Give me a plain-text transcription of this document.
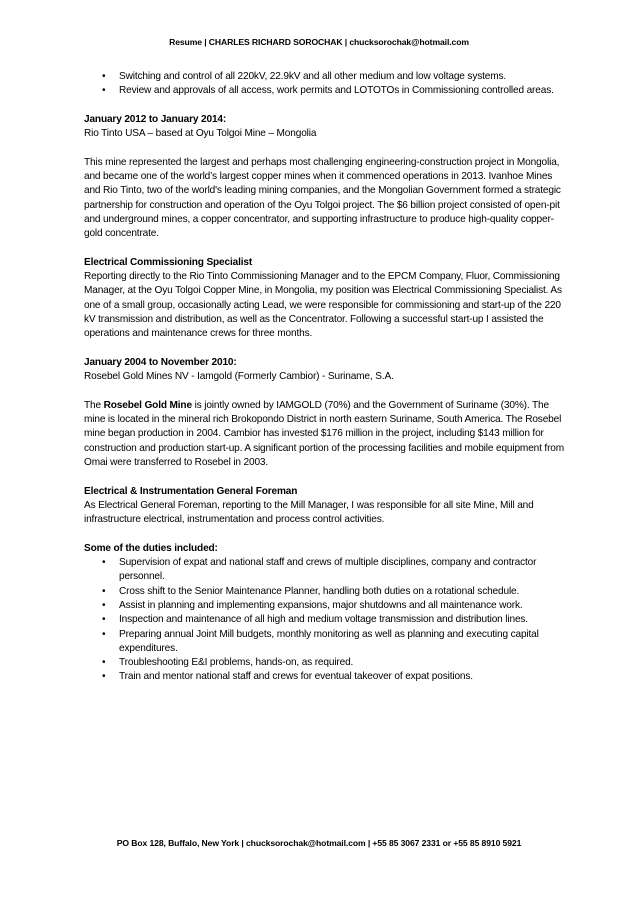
Resume | CHARLES RICHARD SOROCHAK | chucksorochak@hotmail.com
• Switching and control of all 220kV, 22.9kV and all other medium and low voltage systems.
• Review and approvals of all access, work permits and LOTOTOs in Commissioning controlled areas.
January 2012 to January 2014:

Rio Tinto USA – based at Oyu Tolgoi Mine – Mongolia

This mine represented the largest and perhaps most challenging engineering-construction project in Mongolia, and became one of the world’s largest copper mines when it commenced operations in 2013. Ivanhoe Mines and Rio Tinto, two of the world's leading mining companies, and the Mongolian Government formed a strategic partnership for construction and operation of the Oyu Tolgoi project. The $6 billion project consisted of open-pit and underground mines, a copper concentrator, and supporting infrastructure to produce high-quality copper-gold concentrate.

Electrical Commissioning Specialist

Reporting directly to the Rio Tinto Commissioning Manager and to the EPCM Company, Fluor, Commissioning Manager, at the Oyu Tolgoi Copper Mine, in Mongolia, my position was Electrical Commissioning Specialist. As one of a small group, occasionally acting Lead, we were responsible for commissioning and start-up of the 220 kV transmission and distribution, as well as the Concentrator. Following a successful start-up I assisted the operations and maintenance crews for three months.

January 2004 to November 2010:

Rosebel Gold Mines NV - Iamgold (Formerly Cambior) - Suriname, S.A.

The Rosebel Gold Mine is jointly owned by IAMGOLD (70%) and the Government of Suriname (30%). The mine is located in the mineral rich Brokopondo District in north eastern Suriname, South America. The Rosebel mine began production in 2004. Cambior has invested $176 million in the project, including $143 million for construction and production start-up. A significant portion of the processing facilities and mobile equipment from Omai were transferred to Rosebel in 2003.

Electrical & Instrumentation General Foreman

As Electrical General Foreman, reporting to the Mill Manager, I was responsible for all site Mine, Mill and infrastructure electrical, instrumentation and process control activities.

Some of the duties included:
• Supervision of expat and national staff and crews of multiple disciplines, company and contractor personnel.
• Cross shift to the Senior Maintenance Planner, handling both duties on a rotational schedule.
• Assist in planning and implementing expansions, major shutdowns and all maintenance work.
• Inspection and maintenance of all high and medium voltage transmission and distribution lines.
• Preparing annual Joint Mill budgets, monthly monitoring as well as planning and executing capital expenditures.
• Troubleshooting E&I problems, hands-on, as required.
• Train and mentor national staff and crews for eventual takeover of expat positions.
PO Box 128, Buffalo, New York | chucksorochak@hotmail.com | +55 85 3067 2331 or +55 85 8910 5921
